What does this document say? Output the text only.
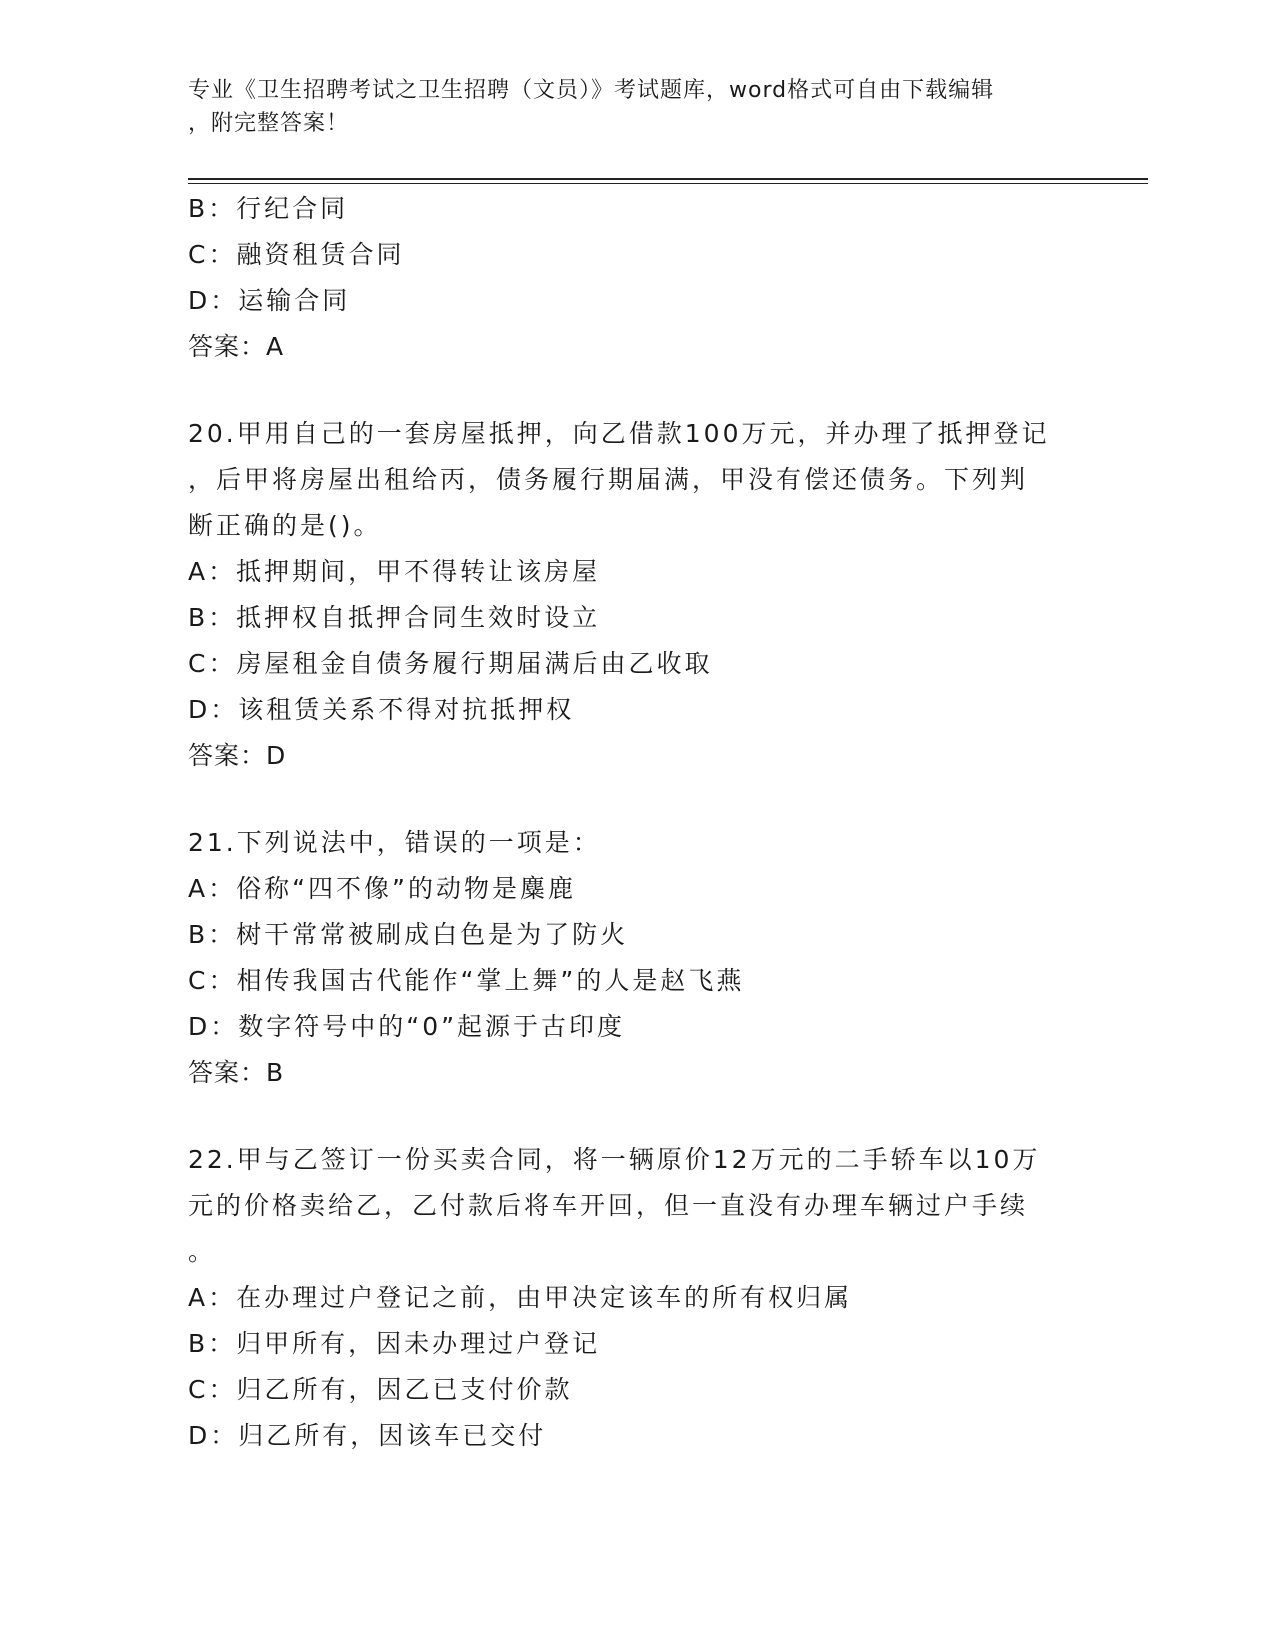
专业《卫生招聘考试之卫生招聘（文员）》考试题库，word格式可自由下载编辑
，附完整答案！
B：行纪合同
C：融资租赁合同
D：运输合同
答案：A
20.甲用自己的一套房屋抵押，向乙借款100万元，并办理了抵押登记
，后甲将房屋出租给丙，债务履行期届满，甲没有偿还债务。下列判
断正确的是()。
A：抵押期间，甲不得转让该房屋
B：抵押权自抵押合同生效时设立
C：房屋租金自债务履行期届满后由乙收取
D：该租赁关系不得对抗抵押权
答案：D
21.下列说法中，错误的一项是：
A：俗称“四不像”的动物是麋鹿
B：树干常常被刷成白色是为了防火
C：相传我国古代能作“掌上舞”的人是赵飞燕
D：数字符号中的“0”起源于古印度
答案：B
22.甲与乙签订一份买卖合同，将一辆原价12万元的二手轿车以10万
元的价格卖给乙，乙付款后将车开回，但一直没有办理车辆过户手续
。
A：在办理过户登记之前，由甲决定该车的所有权归属
B：归甲所有，因未办理过户登记
C：归乙所有，因乙已支付价款
D：归乙所有，因该车已交付
